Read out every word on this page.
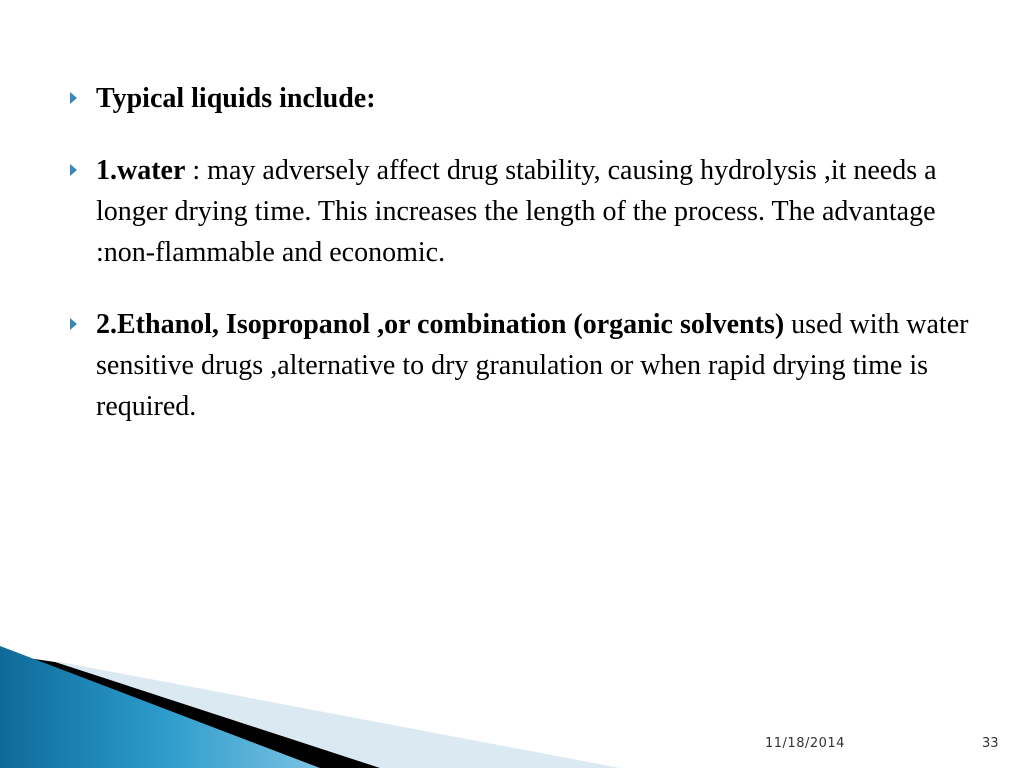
Typical liquids include:
1.water : may adversely affect drug stability, causing hydrolysis ,it needs a longer drying time. This increases the length of the process. The advantage :non-flammable and economic.
2.Ethanol, Isopropanol ,or combination (organic solvents) used with water sensitive drugs ,alternative to dry granulation or when rapid drying time is required.
11/18/2014	33
